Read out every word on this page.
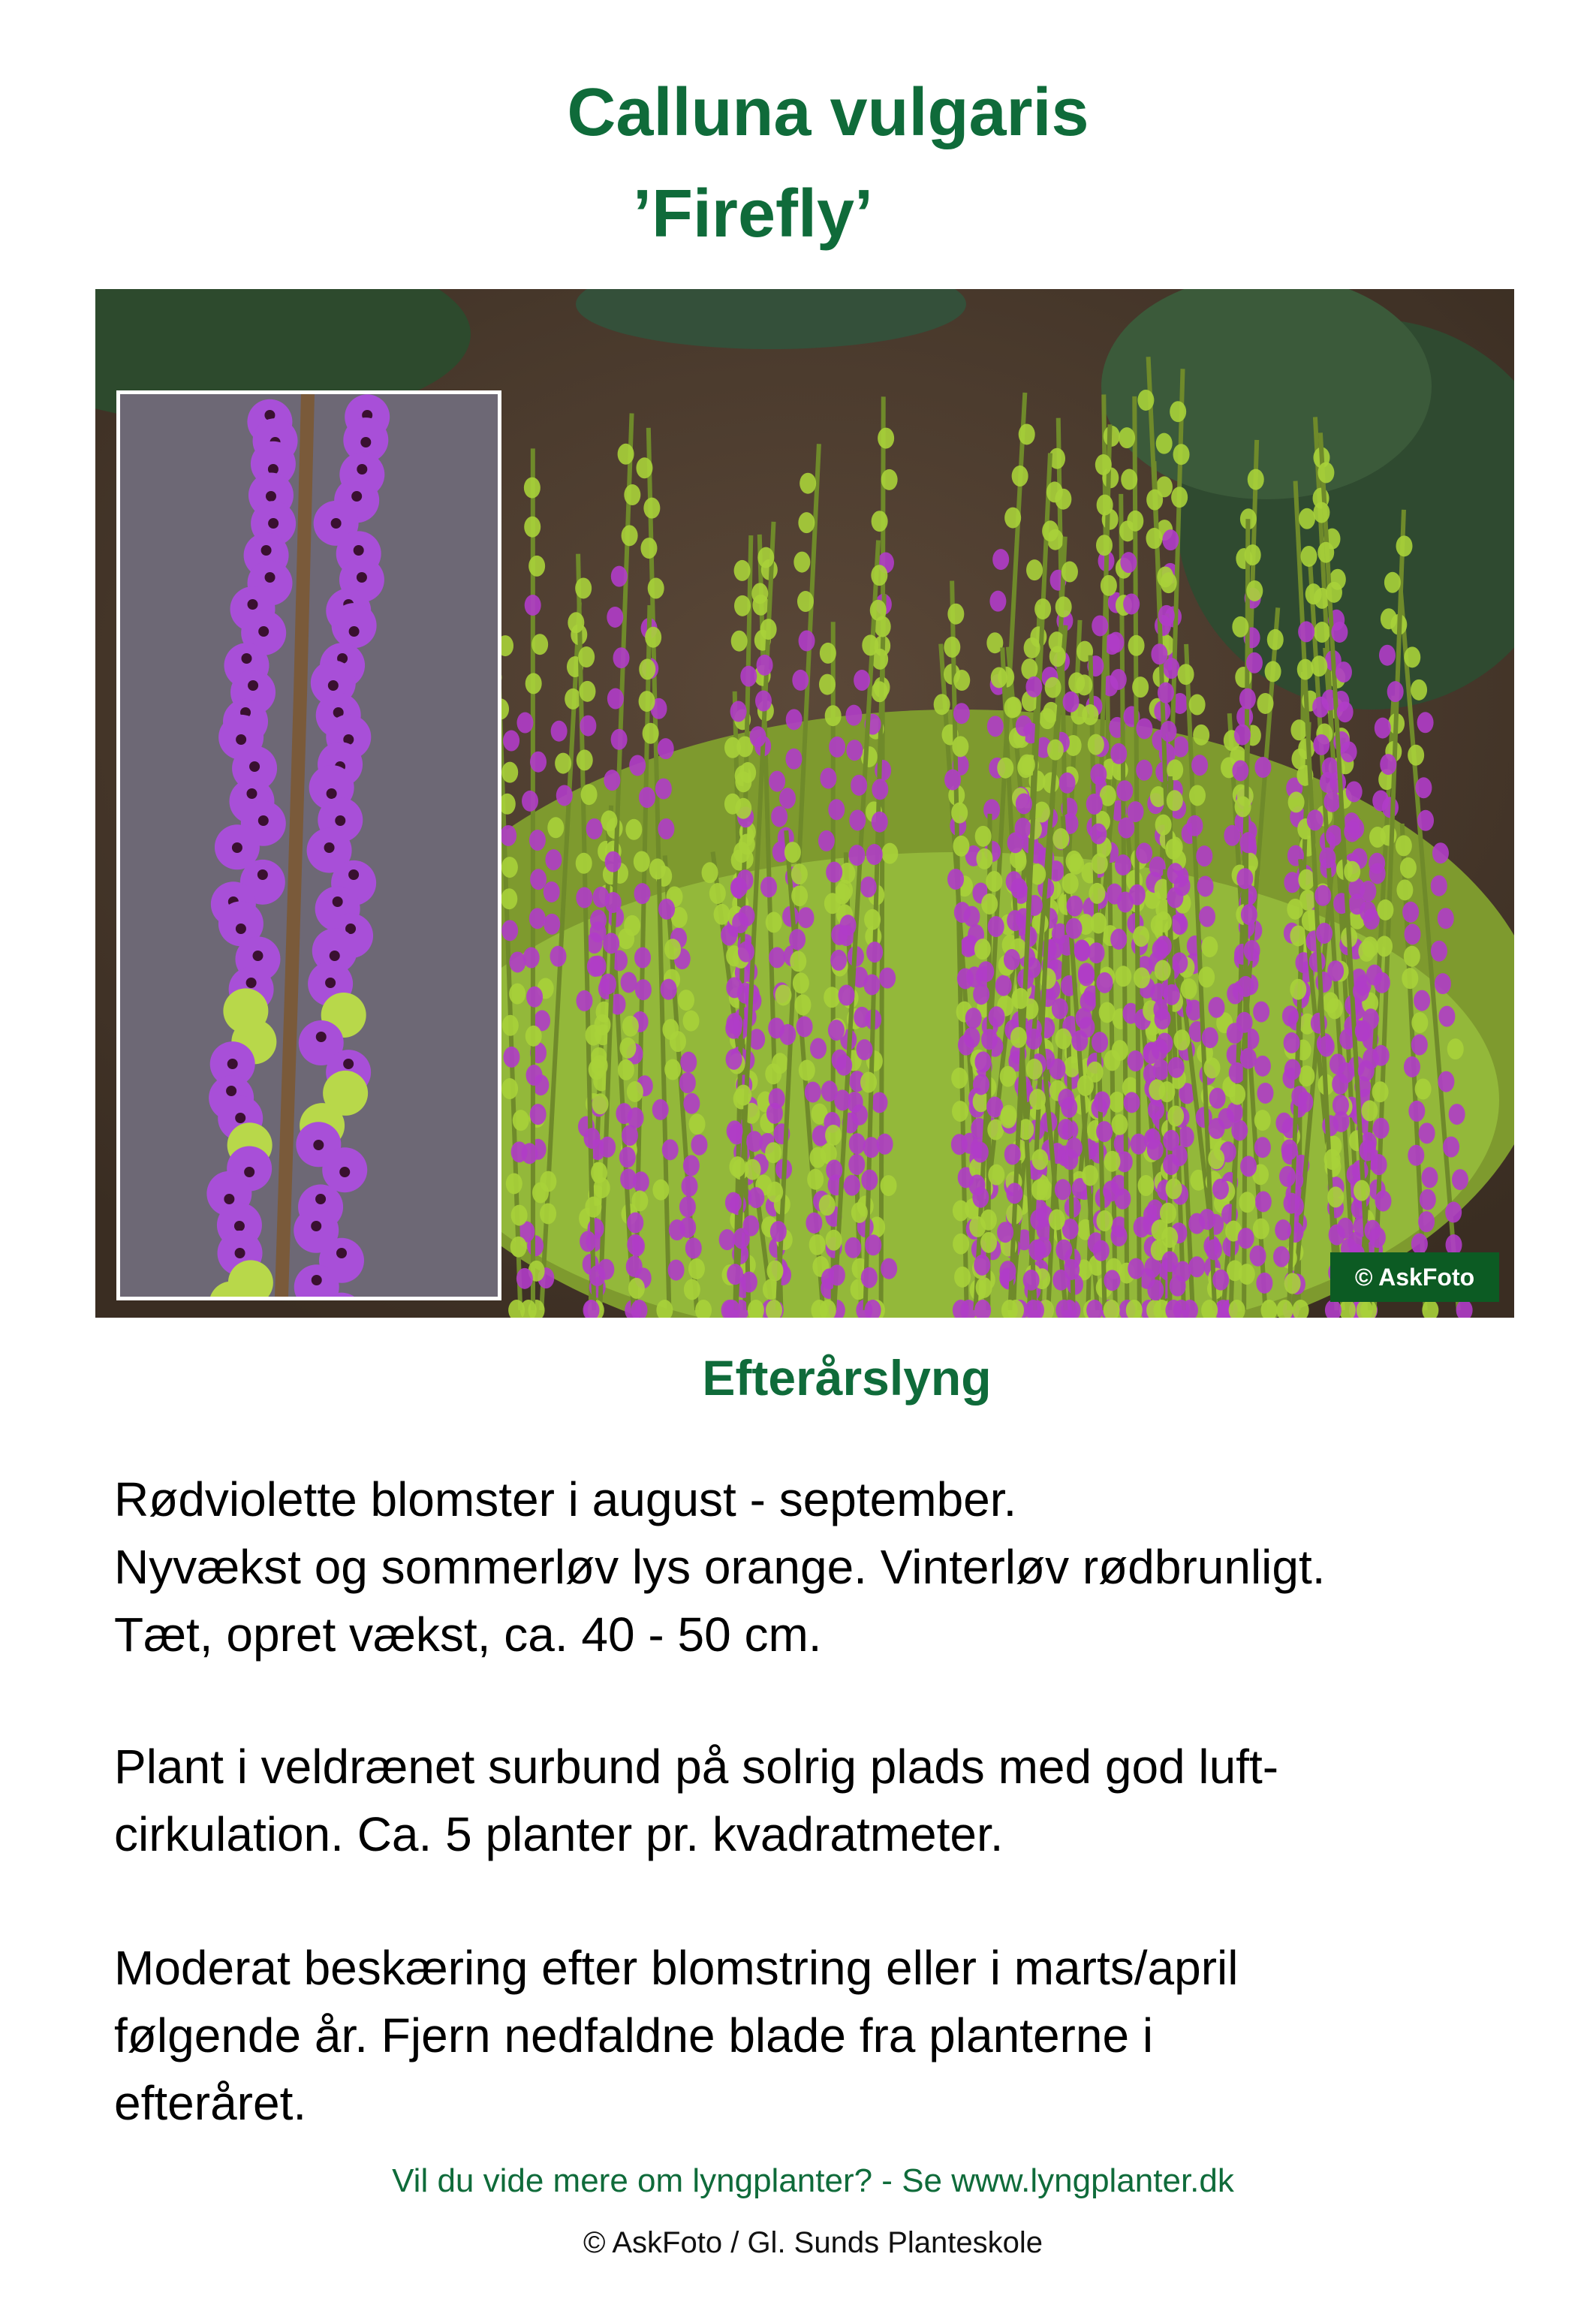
Calluna vulgaris
’Firefly’
© AskFoto
Efterårslyng

Rødviolette blomster i august - september.
Nyvækst og sommerløv lys orange. Vinterløv rødbrunligt.
Tæt, opret vækst, ca. 40 - 50 cm.

Plant i veldrænet surbund på solrig plads med god luft-
cirkulation. Ca. 5 planter pr. kvadratmeter.

Moderat beskæring efter blomstring eller i marts/april
følgende år. Fjern nedfaldne blade fra planterne i
efteråret.

Vil du vide mere om lyngplanter? - Se www.lyngplanter.dk
© AskFoto / Gl. Sunds Planteskole
